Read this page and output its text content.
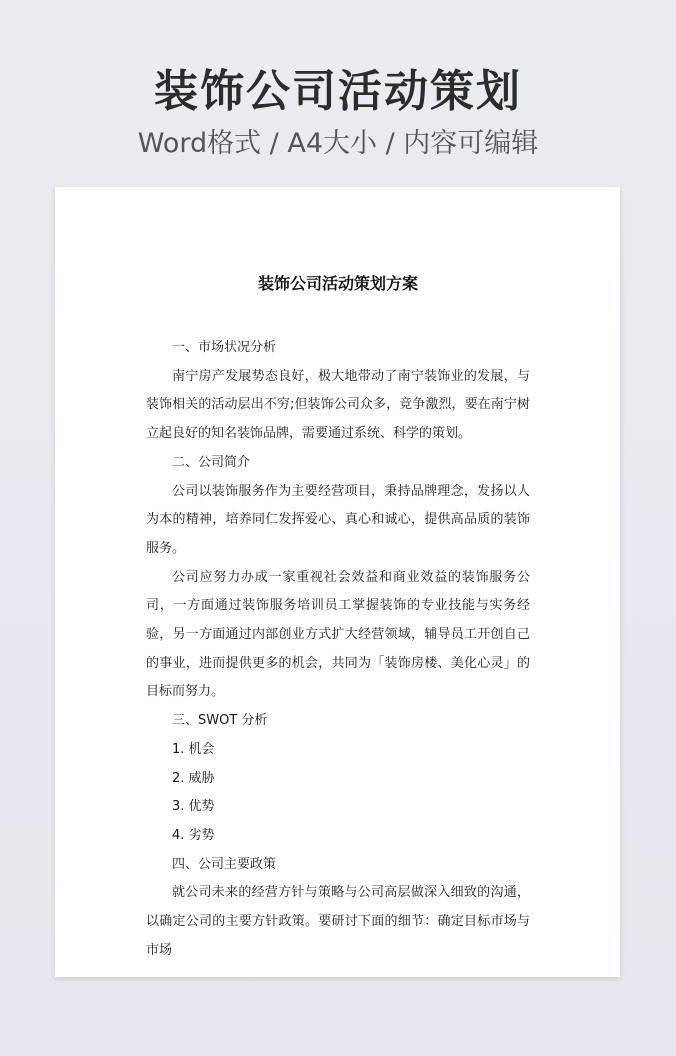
装饰公司活动策划
Word格式 / A4大小 / 内容可编辑
装饰公司活动策划方案

一、市场状况分析

南宁房产发展势态良好，极大地带动了南宁装饰业的发展，与装饰相关的活动层出不穷;但装饰公司众多，竞争激烈，要在南宁树立起良好的知名装饰品牌，需要通过系统、科学的策划。

二、公司简介

公司以装饰服务作为主要经营项目，秉持品牌理念，发扬以人为本的精神，培养同仁发挥爱心、真心和诚心，提供高品质的装饰服务。

公司应努力办成一家重视社会效益和商业效益的装饰服务公司，一方面通过装饰服务培训员工掌握装饰的专业技能与实务经验，另一方面通过内部创业方式扩大经营领域，辅导员工开创自己的事业，进而提供更多的机会，共同为「装饰房楼、美化心灵」的目标而努力。

三、SWOT 分析

1. 机会

2. 威胁

3. 优势

4. 劣势

四、公司主要政策

就公司未来的经营方针与策略与公司高层做深入细致的沟通，以确定公司的主要方针政策。要研讨下面的细节：确定目标市场与市场
